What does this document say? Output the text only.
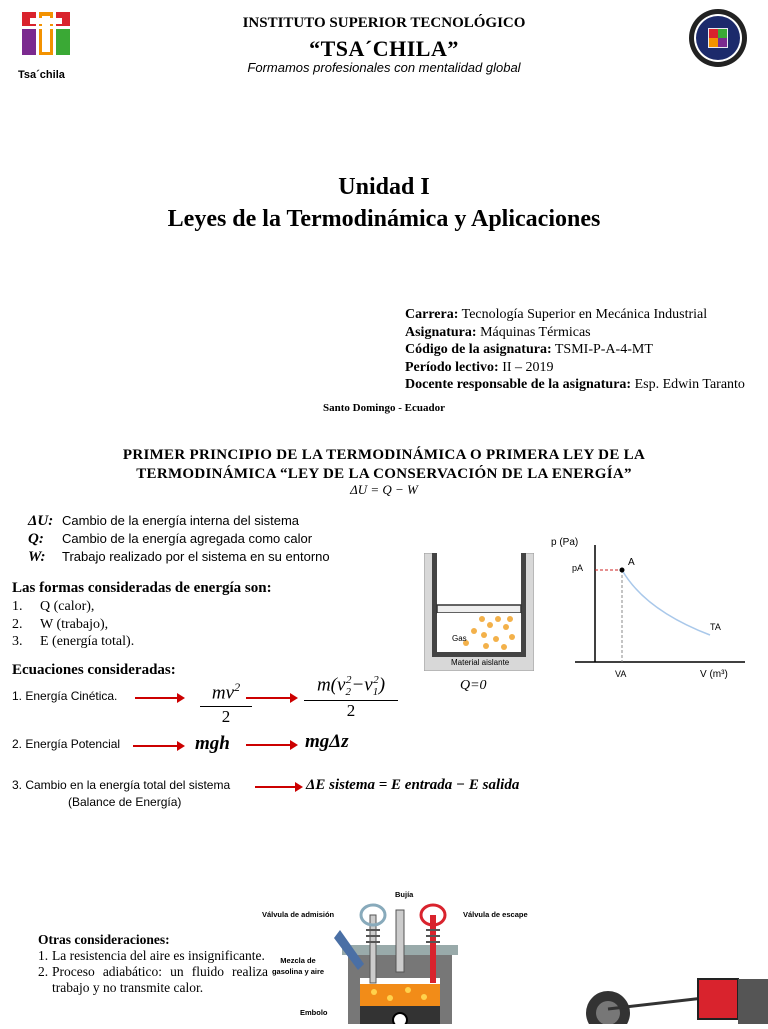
Tsa´chila
INSTITUTO SUPERIOR TECNOLÓGICO
“TSA´CHILA”
Formamos profesionales con mentalidad global
Unidad I
Leyes de la Termodinámica y Aplicaciones
Carrera: Tecnología Superior en Mecánica Industrial
Asignatura: Máquinas Térmicas
Código de la asignatura: TSMI-P-A-4-MT
Período lectivo: II – 2019
Docente responsable de la asignatura: Esp. Edwin Taranto
Santo Domingo - Ecuador
PRIMER PRINCIPIO DE LA TERMODINÁMICA O PRIMERA LEY DE LA
TERMODINÁMICA “LEY DE LA CONSERVACIÓN DE LA ENERGÍA”
ΔU = Q − W
ΔU: Cambio de la energía interna del sistema
Q: Cambio de la energía agregada como calor
W: Trabajo realizado por el sistema en su entorno
Las formas consideradas de energía son:
1. Q (calor),
2. W (trabajo),
3. E (energía total).
Ecuaciones consideradas:
1. Energía Cinética.	$mv^2$
2
$m(v_2^2-v_1^2)$
2
2. Energía Potencial	mgh	mgΔz
3. Cambio en la energía total del sistema
(Balance de Energía)
ΔE sistema = E entrada − E salida
Gas
Material aislante
Q=0
p (Pa)
V (m³)
A
pA
VA
TA
Otras consideraciones:
1. La resistencia del aire es insignificante.
2. Proceso adiabático: un fluido realiza trabajo y no transmite calor.
Bujía
Válvula de admisión	Válvula de escape
Mezcla de gasolina y aire
Embolo
